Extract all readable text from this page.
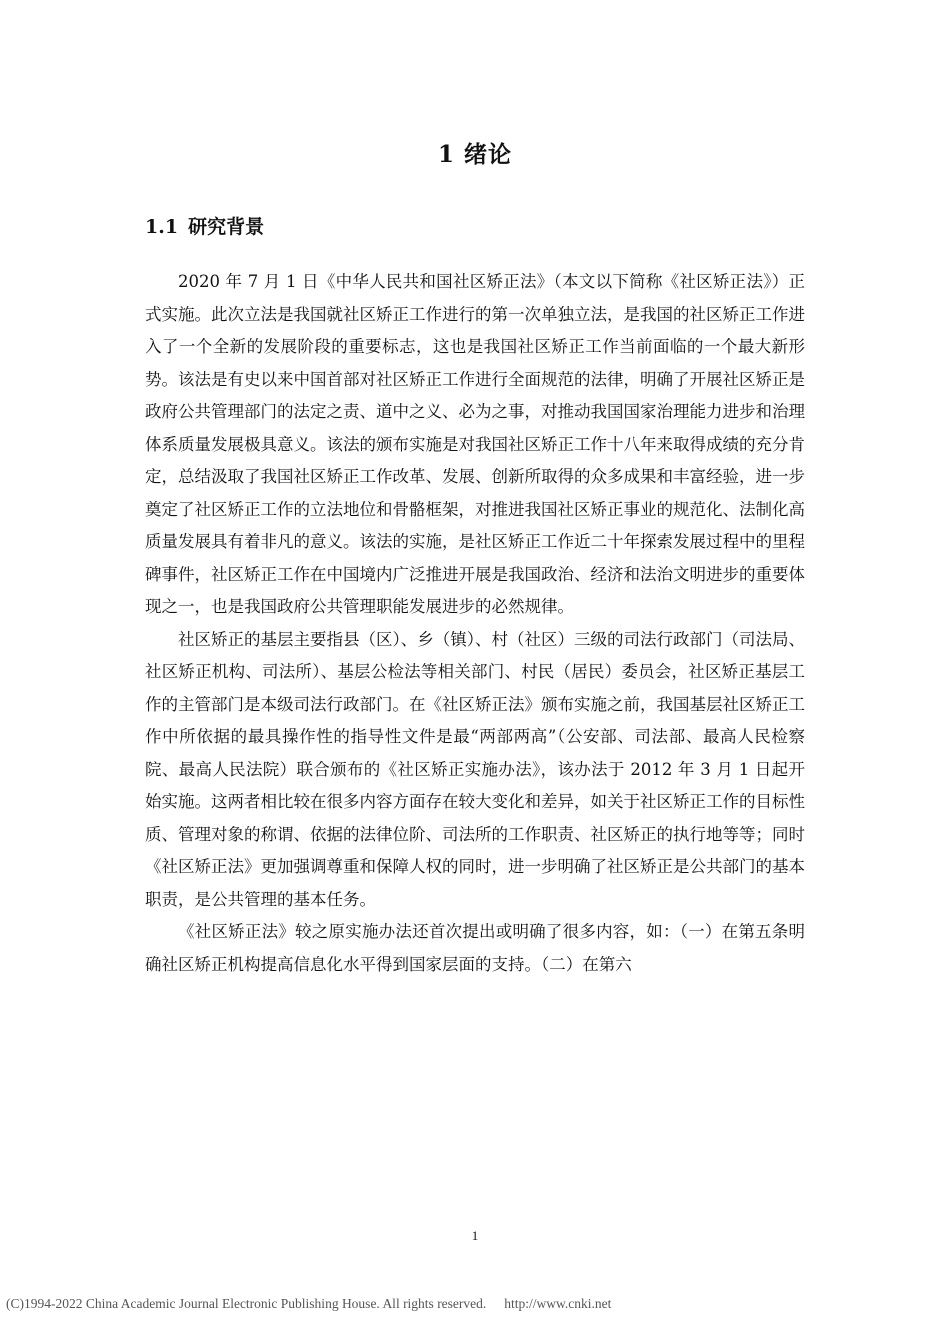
1 绪论
1.1 研究背景

2020 年 7 月 1 日《中华人民共和国社区矫正法》（本文以下简称《社区矫正法》）正式实施。此次立法是我国就社区矫正工作进行的第一次单独立法，是我国的社区矫正工作进入了一个全新的发展阶段的重要标志，这也是我国社区矫正工作当前面临的一个最大新形势。该法是有史以来中国首部对社区矫正工作进行全面规范的法律，明确了开展社区矫正是政府公共管理部门的法定之责、道中之义、必为之事，对推动我国国家治理能力进步和治理体系质量发展极具意义。该法的颁布实施是对我国社区矫正工作十八年来取得成绩的充分肯定，总结汲取了我国社区矫正工作改革、发展、创新所取得的众多成果和丰富经验，进一步奠定了社区矫正工作的立法地位和骨骼框架，对推进我国社区矫正事业的规范化、法制化高质量发展具有着非凡的意义。该法的实施，是社区矫正工作近二十年探索发展过程中的里程碑事件，社区矫正工作在中国境内广泛推进开展是我国政治、经济和法治文明进步的重要体现之一，也是我国政府公共管理职能发展进步的必然规律。

社区矫正的基层主要指县（区）、乡（镇）、村（社区）三级的司法行政部门（司法局、社区矫正机构、司法所）、基层公检法等相关部门、村民（居民）委员会，社区矫正基层工作的主管部门是本级司法行政部门。在《社区矫正法》颁布实施之前，我国基层社区矫正工作中所依据的最具操作性的指导性文件是最“两部两高”（公安部、司法部、最高人民检察院、最高人民法院）联合颁布的《社区矫正实施办法》，该办法于 2012 年 3 月 1 日起开始实施。这两者相比较在很多内容方面存在较大变化和差异，如关于社区矫正工作的目标性质、管理对象的称谓、依据的法律位阶、司法所的工作职责、社区矫正的执行地等等；同时《社区矫正法》更加强调尊重和保障人权的同时，进一步明确了社区矫正是公共部门的基本职责，是公共管理的基本任务。

《社区矫正法》较之原实施办法还首次提出或明确了很多内容，如：（一）在第五条明确社区矫正机构提高信息化水平得到国家层面的支持。（二）在第六

1
(C)1994-2022 China Academic Journal Electronic Publishing House. All rights reserved. http://www.cnki.net
